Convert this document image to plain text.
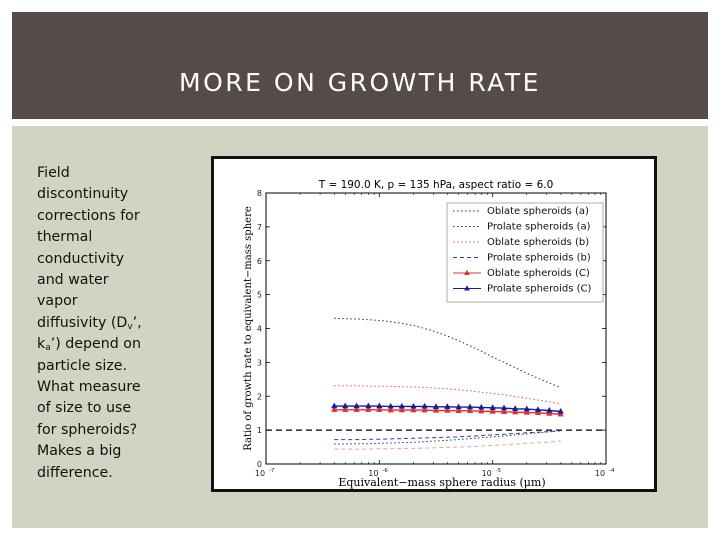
MORE ON GROWTH RATE
Field
discontinuity
corrections for
thermal
conductivity
and water
vapor
diffusivity ($D_v$’,
$k_a$’) depend on
particle size.
What measure
of size to use
for spheroids?
Makes a big
difference.
0
1
2
3
4
5
6
7
8
10 -7	10 -6	10 -5	10 -4
Oblate spheroids (a)
Prolate spheroids (a)
Oblate spheroids (b)
Prolate spheroids (b)
Oblate spheroids (C)
Prolate spheroids (C)
T = 190.0 K, p = 135 hPa, aspect ratio = 6.0
Equivalent−mass sphere radius (μm)
Ratio of growth rate to equivalent−mass sphere
